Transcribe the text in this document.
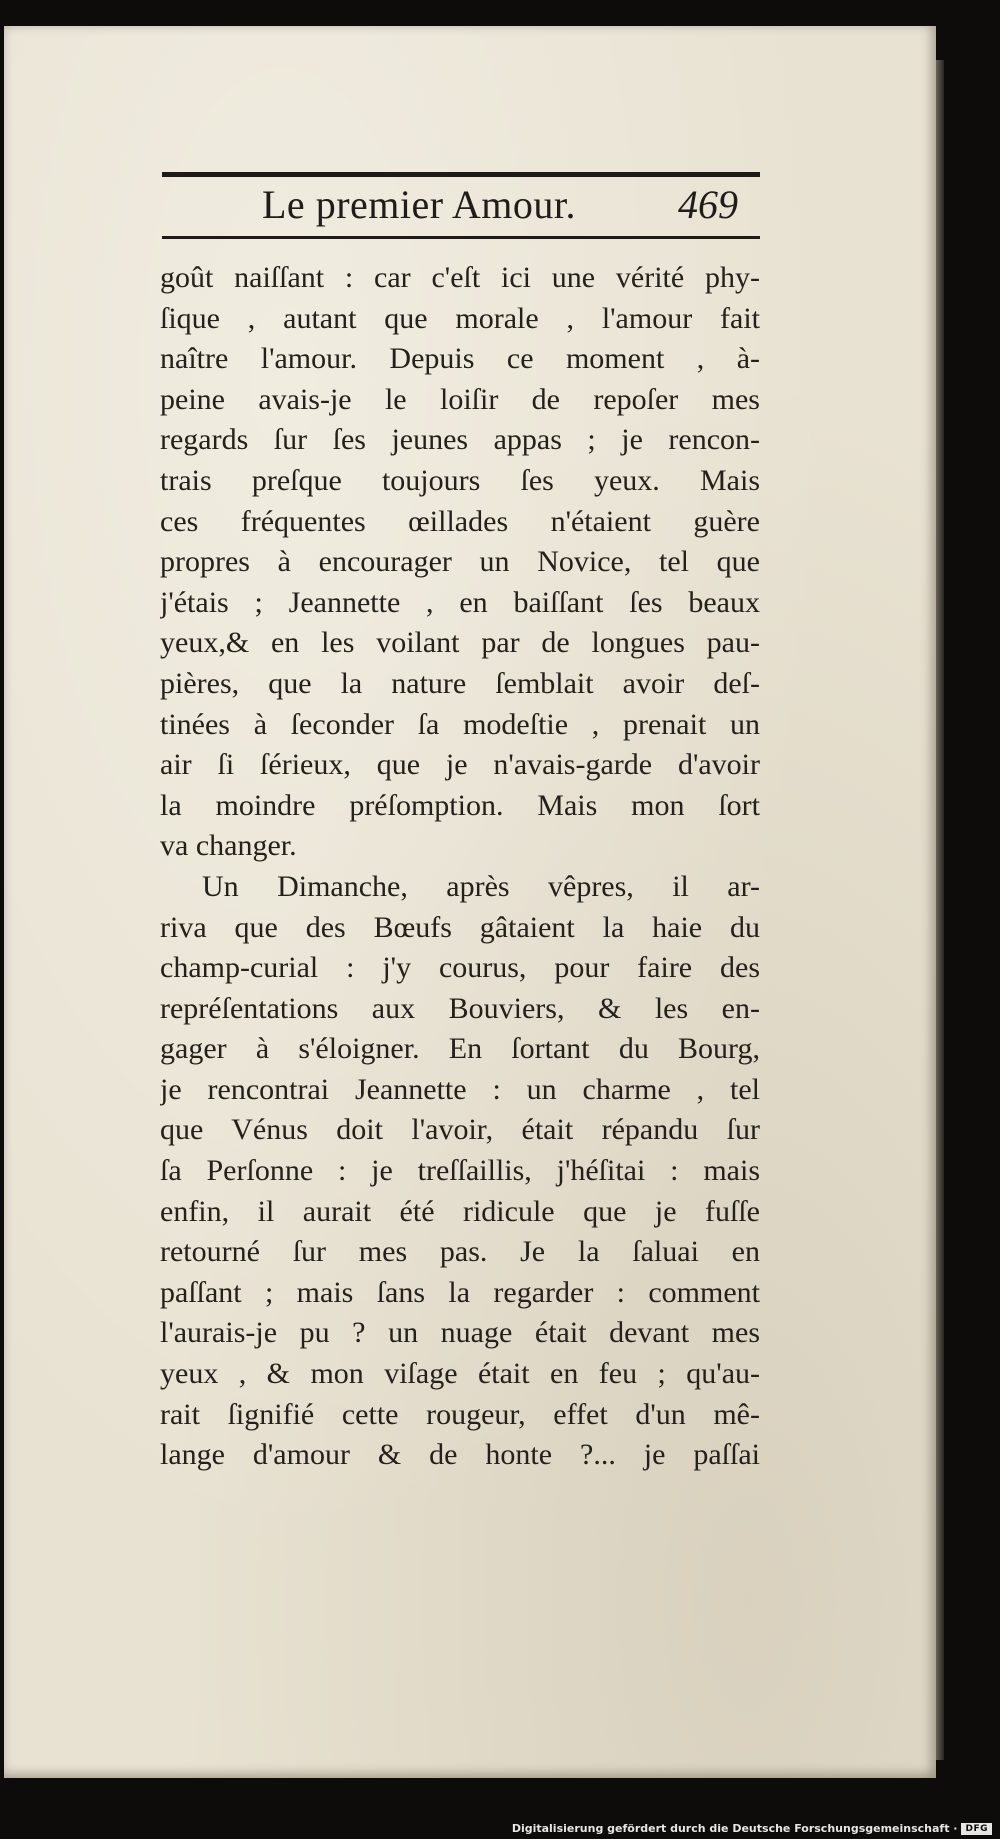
Le premier Amour.	469
goût naiſſant : car c'eſt ici une vérité phy-
ſique , autant que morale , l'amour fait
naître l'amour. Depuis ce moment , à-
peine avais-je le loiſir de repoſer mes
regards ſur ſes jeunes appas ; je rencon-
trais preſque toujours ſes yeux. Mais
ces fréquentes œillades n'étaient guère
propres à encourager un Novice, tel que
j'étais ; Jeannette , en baiſſant ſes beaux
yeux,& en les voilant par de longues pau-
pières, que la nature ſemblait avoir deſ-
tinées à ſeconder ſa modeſtie , prenait un
air ſi ſérieux, que je n'avais-garde d'avoir
la moindre préſomption. Mais mon ſort
va changer.
Un Dimanche, après vêpres, il ar-
riva que des Bœufs gâtaient la haie du
champ-curial : j'y courus, pour faire des
repréſentations aux Bouviers, & les en-
gager à s'éloigner. En ſortant du Bourg,
je rencontrai Jeannette : un charme , tel
que Vénus doit l'avoir, était répandu ſur
ſa Perſonne : je treſſaillis, j'héſitai : mais
enfin, il aurait été ridicule que je fuſſe
retourné ſur mes pas. Je la ſaluai en
paſſant ; mais ſans la regarder : comment
l'aurais-je pu ? un nuage était devant mes
yeux , & mon viſage était en feu ; qu'au-
rait ſignifié cette rougeur, effet d'un mê-
lange d'amour & de honte ?... je paſſai
Digitalisierung gefördert durch die Deutsche Forschungsgemeinschaft · DFG
